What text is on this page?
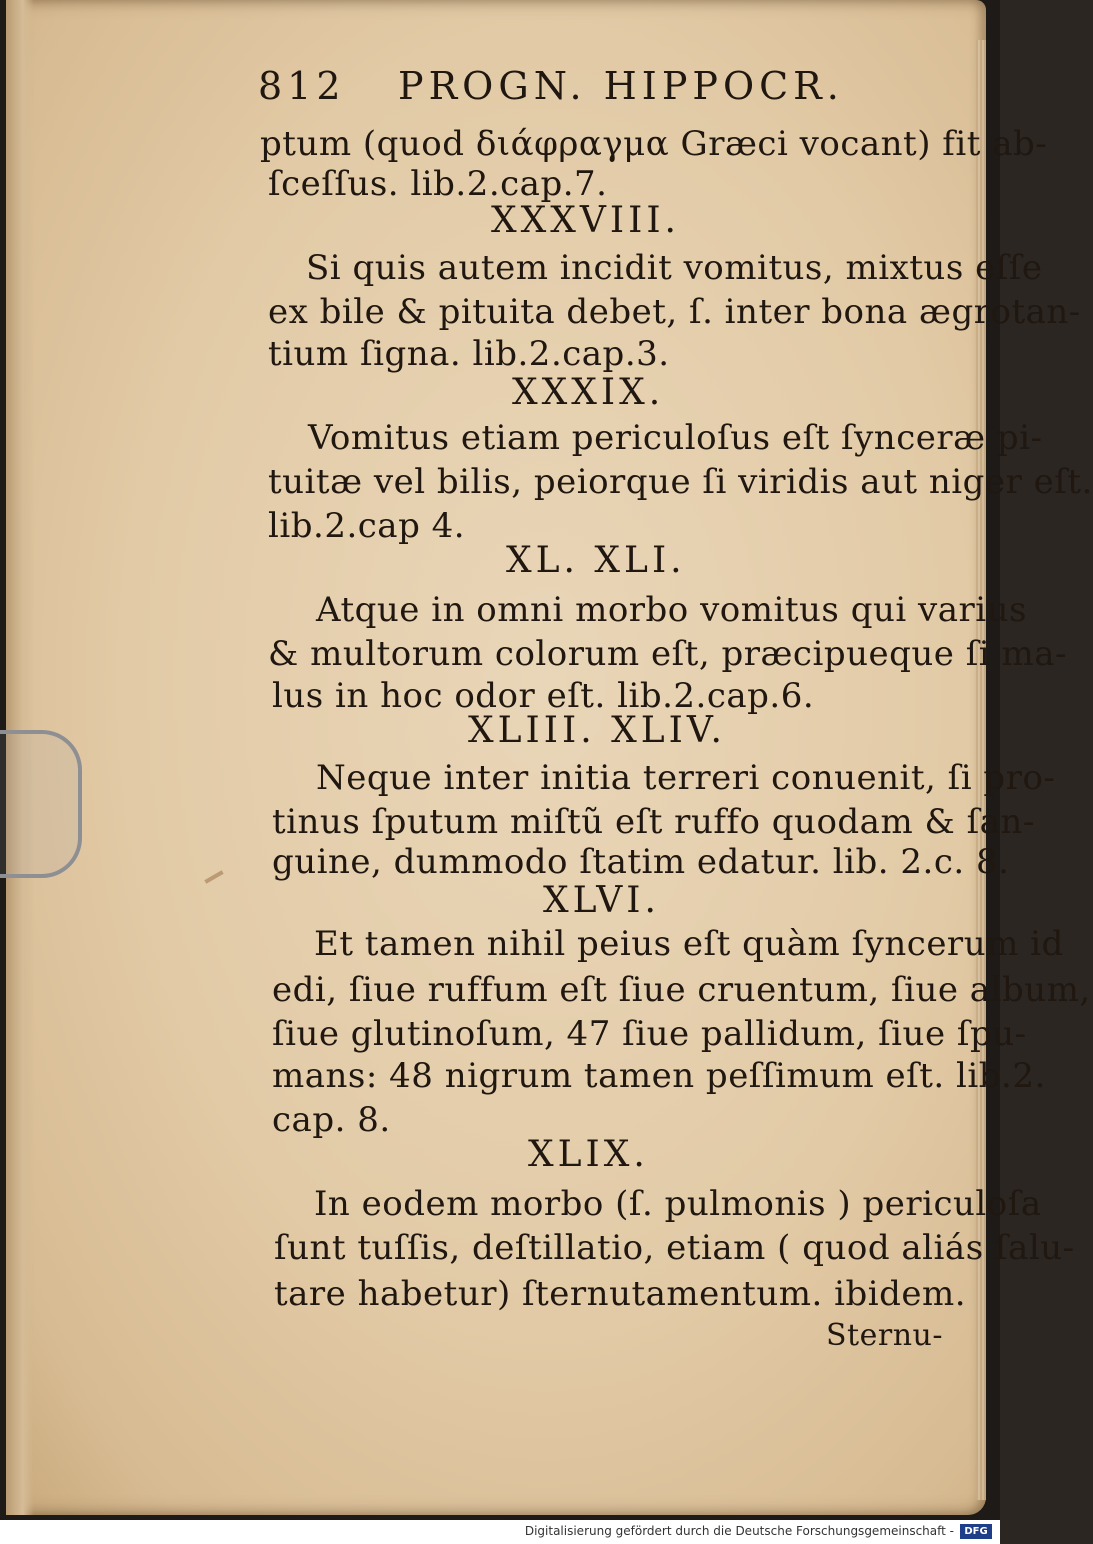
812 PROGN. HIPPOCR.

ptum (quod διάφραγμα Græci vocant) fit ab-

ſceſſus. lib.2.cap.7.

XXXVIII.

Si quis autem incidit vomitus, mixtus eſſe

ex bile & pituita debet, ſ. inter bona ægrotan-

tium ſigna. lib.2.cap.3.

XXXIX.

Vomitus etiam periculoſus eſt ſynceræ pi-

tuitæ vel bilis, peiorque ſi viridis aut niger eſt.

lib.2.cap 4.

XL. XLI.

Atque in omni morbo vomitus qui varius

& multorum colorum eſt, præcipueque ſi ma-

lus in hoc odor eſt. lib.2.cap.6.

XLIII. XLIV.

Neque inter initia terreri conuenit, ſi pro-

tinus ſputum miſtũ eſt ruffo quodam & ſan-

guine, dummodo ſtatim edatur. lib. 2.c. 8.

XLVI.

Et tamen nihil peius eſt quàm ſyncerum id

edi, ſiue ruffum eſt ſiue cruentum, ſiue album,

ſiue glutinoſum, 47 ſiue pallidum, ſiue ſpu-

mans: 48 nigrum tamen peſſimum eſt. lib.2.

cap. 8.

XLIX.

In eodem morbo (ſ. pulmonis ) periculoſa

ſunt tuſſis, deſtillatio, etiam ( quod aliás ſalu-

tare habetur) ſternutamentum. ibidem.

Sternu-

Digitalisierung gefördert durch die Deutsche Forschungsgemeinschaft -	DFG
